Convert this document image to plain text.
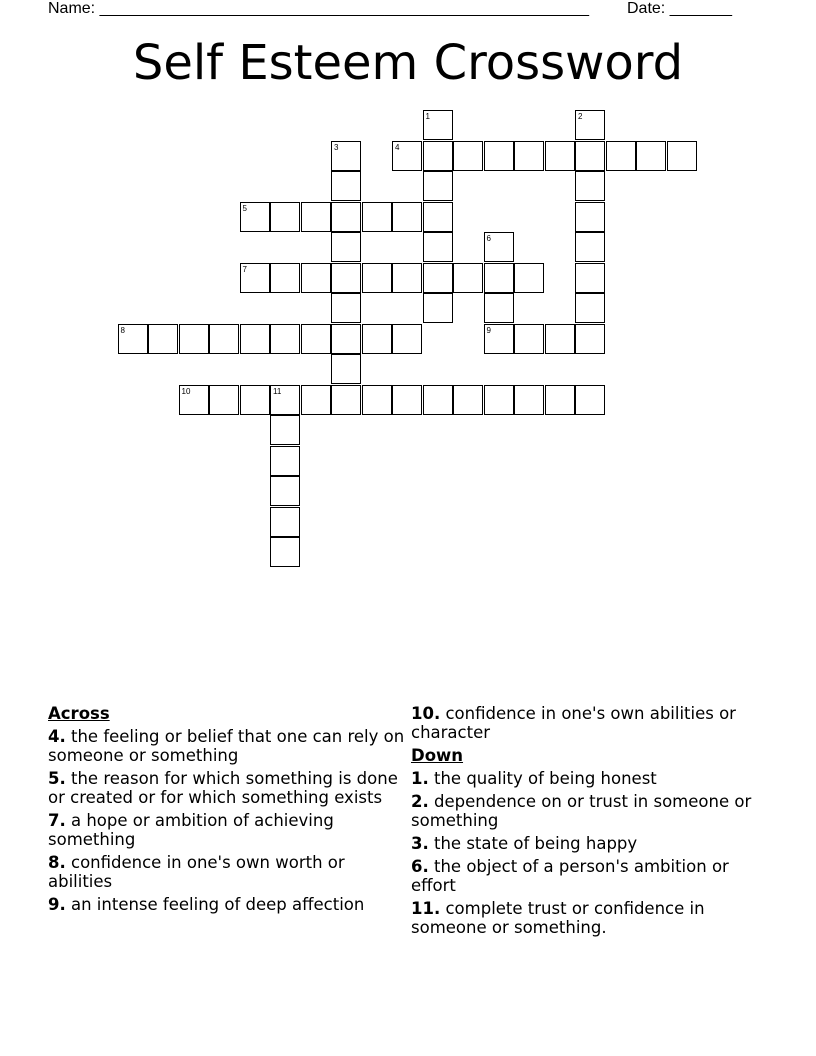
Name: _______________________________________________________ Date: _______
Self Esteem Crossword
1	2
3	4
5
6
9
7
8
10	11
Across
4. the feeling or belief that one can rely on someone or something
5. the reason for which something is done or created or for which something exists
7. a hope or ambition of achieving something
8. confidence in one's own worth or abilities
9. an intense feeling of deep affection
10. confidence in one's own abilities or character
Down
1. the quality of being honest
2. dependence on or trust in someone or something
3. the state of being happy
6. the object of a person's ambition or effort
11. complete trust or confidence in someone or something.
